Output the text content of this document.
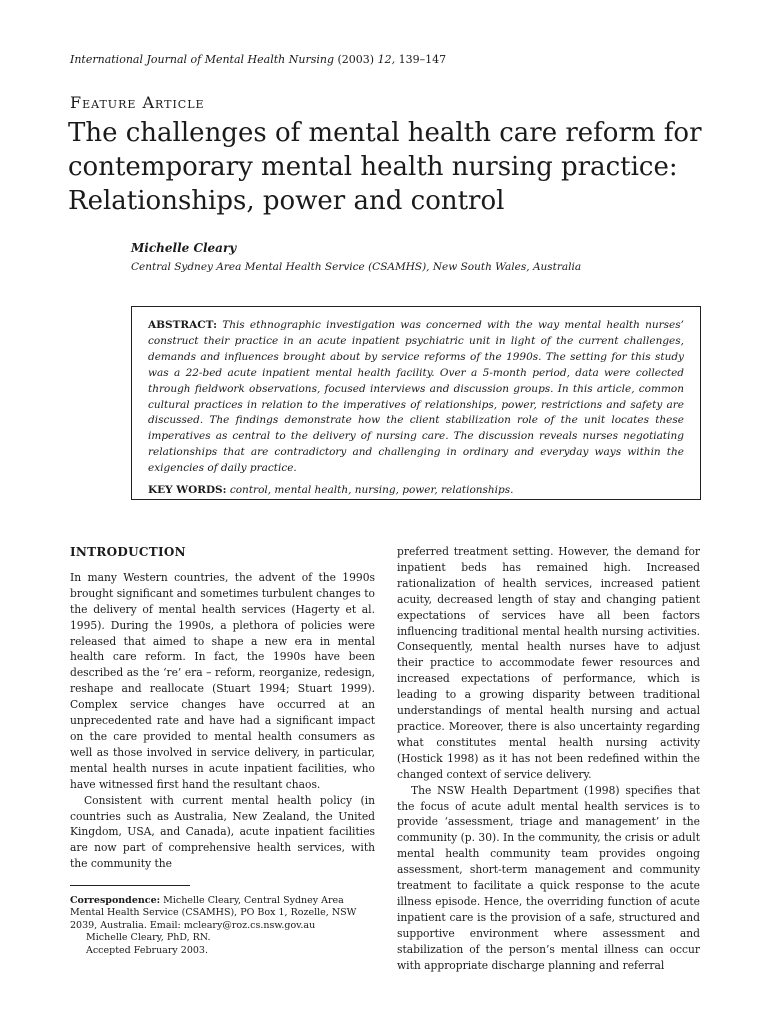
International Journal of Mental Health Nursing (2003) 12, 139–147
Feature Article
The challenges of mental health care reform for contemporary mental health nursing practice: Relationships, power and control
Michelle Cleary
Central Sydney Area Mental Health Service (CSAMHS), New South Wales, Australia
ABSTRACT: This ethnographic investigation was concerned with the way mental health nurses’ construct their practice in an acute inpatient psychiatric unit in light of the current challenges, demands and influences brought about by service reforms of the 1990s. The setting for this study was a 22-bed acute inpatient mental health facility. Over a 5-month period, data were collected through fieldwork observations, focused interviews and discussion groups. In this article, common cultural practices in relation to the imperatives of relationships, power, restrictions and safety are discussed. The findings demonstrate how the client stabilization role of the unit locates these imperatives as central to the delivery of nursing care. The discussion reveals nurses negotiating relationships that are contradictory and challenging in ordinary and everyday ways within the exigencies of daily practice.
KEY WORDS: control, mental health, nursing, power, relationships.
INTRODUCTION

In many Western countries, the advent of the 1990s brought significant and sometimes turbulent changes to the delivery of mental health services (Hagerty et al. 1995). During the 1990s, a plethora of policies were released that aimed to shape a new era in mental health care reform. In fact, the 1990s have been described as the ‘re’ era – reform, reorganize, redesign, reshape and reallocate (Stuart 1994; Stuart 1999). Complex service changes have occurred at an unprecedented rate and have had a significant impact on the care provided to mental health consumers as well as those involved in service delivery, in particular, mental health nurses in acute inpatient facilities, who have witnessed first hand the resultant chaos.

Consistent with current mental health policy (in countries such as Australia, New Zealand, the United Kingdom, USA, and Canada), acute inpatient facilities are now part of comprehensive health services, with the community the

preferred treatment setting. However, the demand for inpatient beds has remained high. Increased rationalization of health services, increased patient acuity, decreased length of stay and changing patient expectations of services have all been factors influencing traditional mental health nursing activities. Consequently, mental health nurses have to adjust their practice to accommodate fewer resources and increased expectations of performance, which is leading to a growing disparity between traditional understandings of mental health nursing and actual practice. Moreover, there is also uncertainty regarding what constitutes mental health nursing activity (Hostick 1998) as it has not been redefined within the changed context of service delivery.

The NSW Health Department (1998) specifies that the focus of acute adult mental health services is to provide ‘assessment, triage and management’ in the community (p. 30). In the community, the crisis or adult mental health community team provides ongoing assessment, short-term management and community treatment to facilitate a quick response to the acute illness episode. Hence, the overriding function of acute inpatient care is the provision of a safe, structured and supportive environment where assessment and stabilization of the person’s mental illness can occur with appropriate discharge planning and referral

Correspondence: Michelle Cleary, Central Sydney Area Mental Health Service (CSAMHS), PO Box 1, Rozelle, NSW 2039, Australia. Email: mcleary@roz.cs.nsw.gov.au
Michelle Cleary, PhD, RN.
Accepted February 2003.
